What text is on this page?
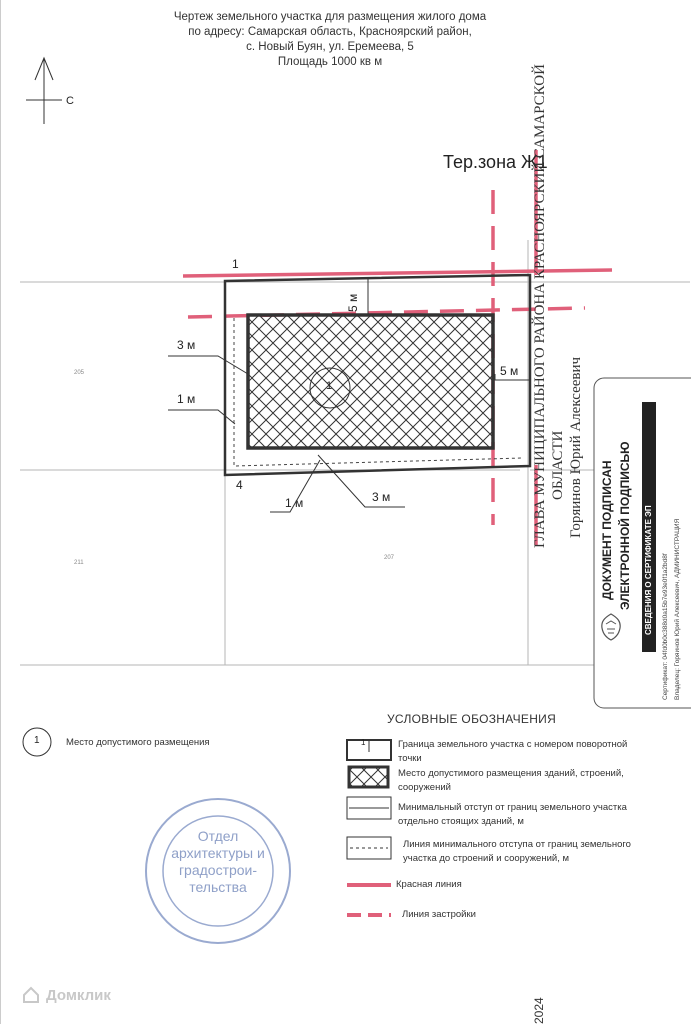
Чертеж земельного участка для размещения жилого дома
по адресу: Самарская область, Красноярский район,
с. Новый Буян, ул. Еремеева, 5
Площадь 1000 кв м
С
Тер.зона Ж1
1
4
5 м
3 м
1 м
5 м
1 м	3 м
1
205
211
207
ГЛАВА МУНИЦИПАЛЬНОГО РАЙОНА КРАСНОЯРСКИЙ САМАРСКОЙ ОБЛАСТИ Горяинов Юрий Алексеевич ДОКУМЕНТ ПОДПИСАН ЭЛЕКТРОННОЙ ПОДПИСЬЮ СВЕДЕНИЯ О СЕРТИФИКАТЕ ЭП Сертификат: 04fd0b0c388d0a15b7e93e0f1a2bd8f Владелец: Горяинов Юрий Алексеевич, АДМИНИСТРАЦИЯ
УСЛОВНЫЕ ОБОЗНАЧЕНИЯ
1	Место допустимого размещения	1	Граница земельного участка с номером поворотной точки
Место допустимого размещения зданий, строений, сооружений
Минимальный отступ от границ земельного участка отдельно стоящих зданий, м
Линия минимального отступа от границ земельного участка до строений и сооружений, м
Красная линия
Линия застройки
Отдел
архитектуры и
градострои-
тельства
Домклик
2024
